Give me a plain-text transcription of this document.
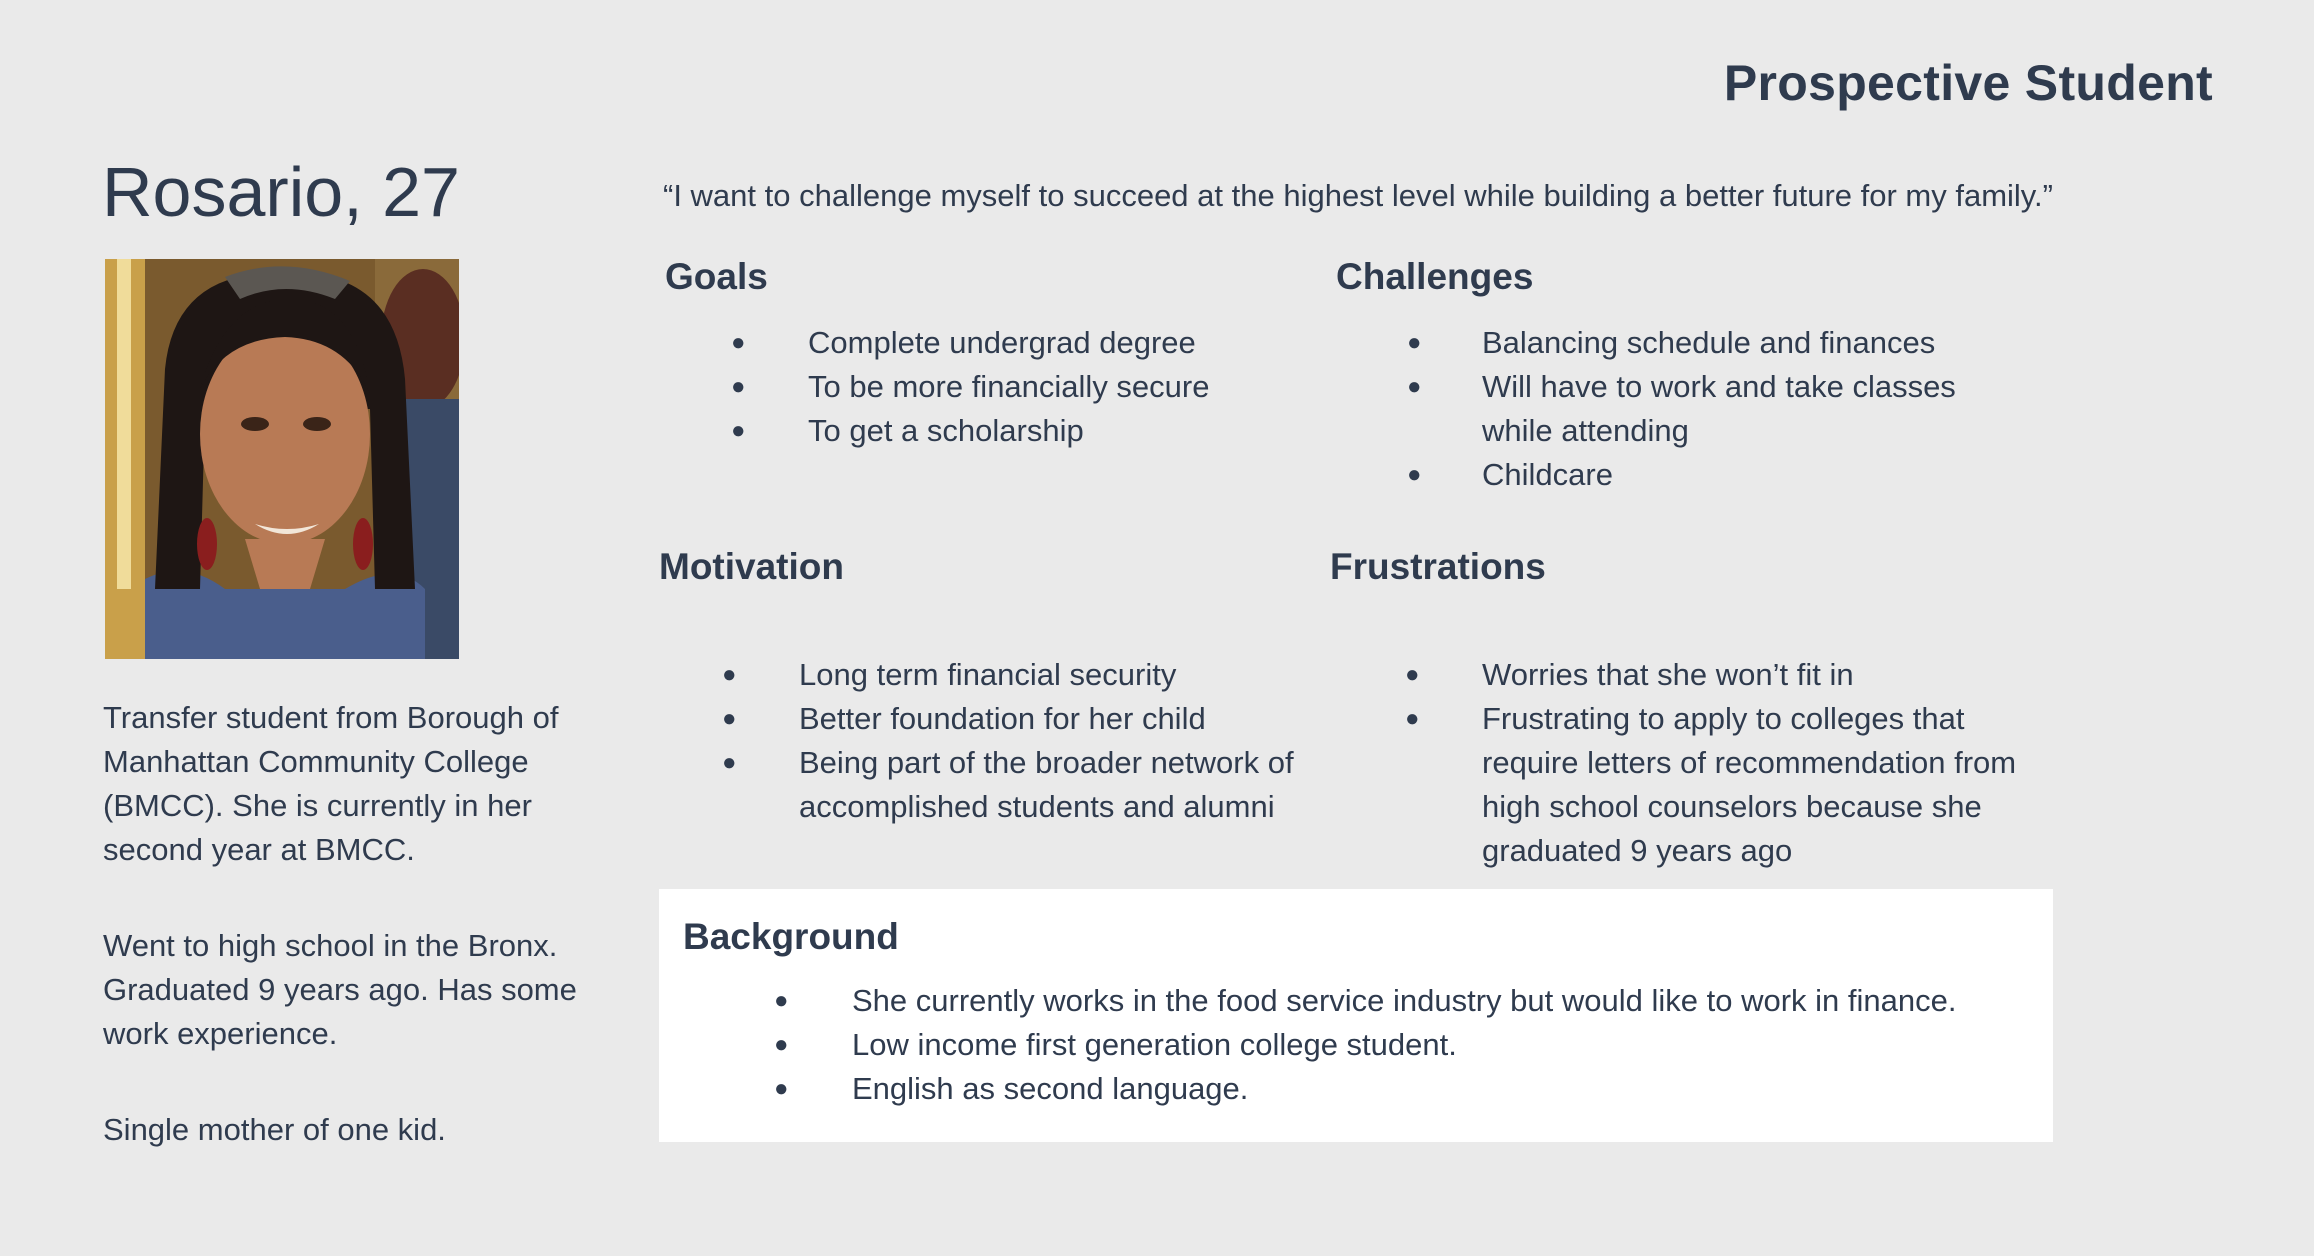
Prospective Student
Rosario, 27

Transfer student from Borough of Manhattan Community College (BMCC). She is currently in her second year at BMCC.

Went to high school in the Bronx. Graduated 9 years ago. Has some work experience.

Single mother of one kid.

“I want to challenge myself to succeed at the highest level while building a better future for my family.”
Goals
● Complete undergrad degree
● To be more financially secure
● To get a scholarship
Challenges
● Balancing schedule and finances
● Will have to work and take classes while attending
● Childcare
Motivation
● Long term financial security
● Better foundation for her child
● Being part of the broader network of accomplished students and alumni
Frustrations
● Worries that she won’t fit in
● Frustrating to apply to colleges that require letters of recommendation from high school counselors because she graduated 9 years ago
Background
● She currently works in the food service industry but would like to work in finance.
● Low income first generation college student.
● English as second language.
